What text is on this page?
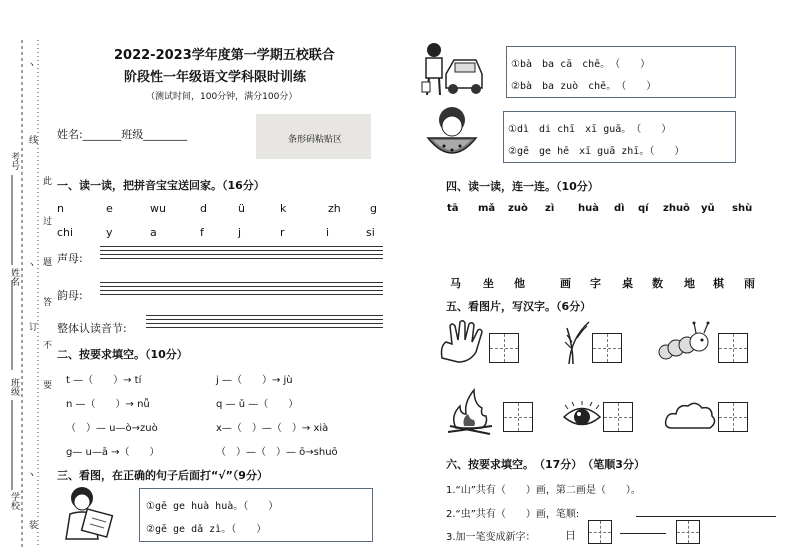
考号
线
姓名
班级
学校
订
装
丶
丶
丶
此
过
题
答
不
要
2022-2023学年度第一学期五校联合
阶段性一年级语文学科限时训练
（测试时间，100分钟，满分100分）
姓名:_______班级________	条形码粘贴区
一、读一读，把拼音宝宝送回家。（16分）
n	e	wu	d	ü	k	zh	g
chi	y	a	f	j	r	i	si
声母:
韵母:
整体认读音节:
二、按要求填空。（10分）
t —（　　）→ tí	j —（　　）→ jù
n —（　　）→ nǚ	q — ǔ —（　　）
（　）— u—ò→zuò	x—（　）—（　）→ xià
g— u—ā →（　　）	（　）—（　）— ō→shuō
三、看图，在正确的句子后面打“√”（9分）
①gē ge huà huà。（　　）
②gē ge dǎ zì。（　　）
①bà　ba cā　chē。　（　　）
②bà　ba zuò　chē。　（　　）
①dì　di chī　xī guā。　（　　）
②gē　ge hē　xī guā zhī。（　　）
四、读一读，连一连。（10分）
tā mǎ zuò zì huà dì qí zhuō yǔ shù
马 坐 他	画 字 桌 数 地 棋 雨
五、看图片，写汉字。（6分）
六、按要求填空。　（17分）　（笔顺3分）
1.“山”共有（　　）画，第二画是（　　）。
2.“虫”共有（　　）画，笔顺:
3.加一笔变成新字：	日
